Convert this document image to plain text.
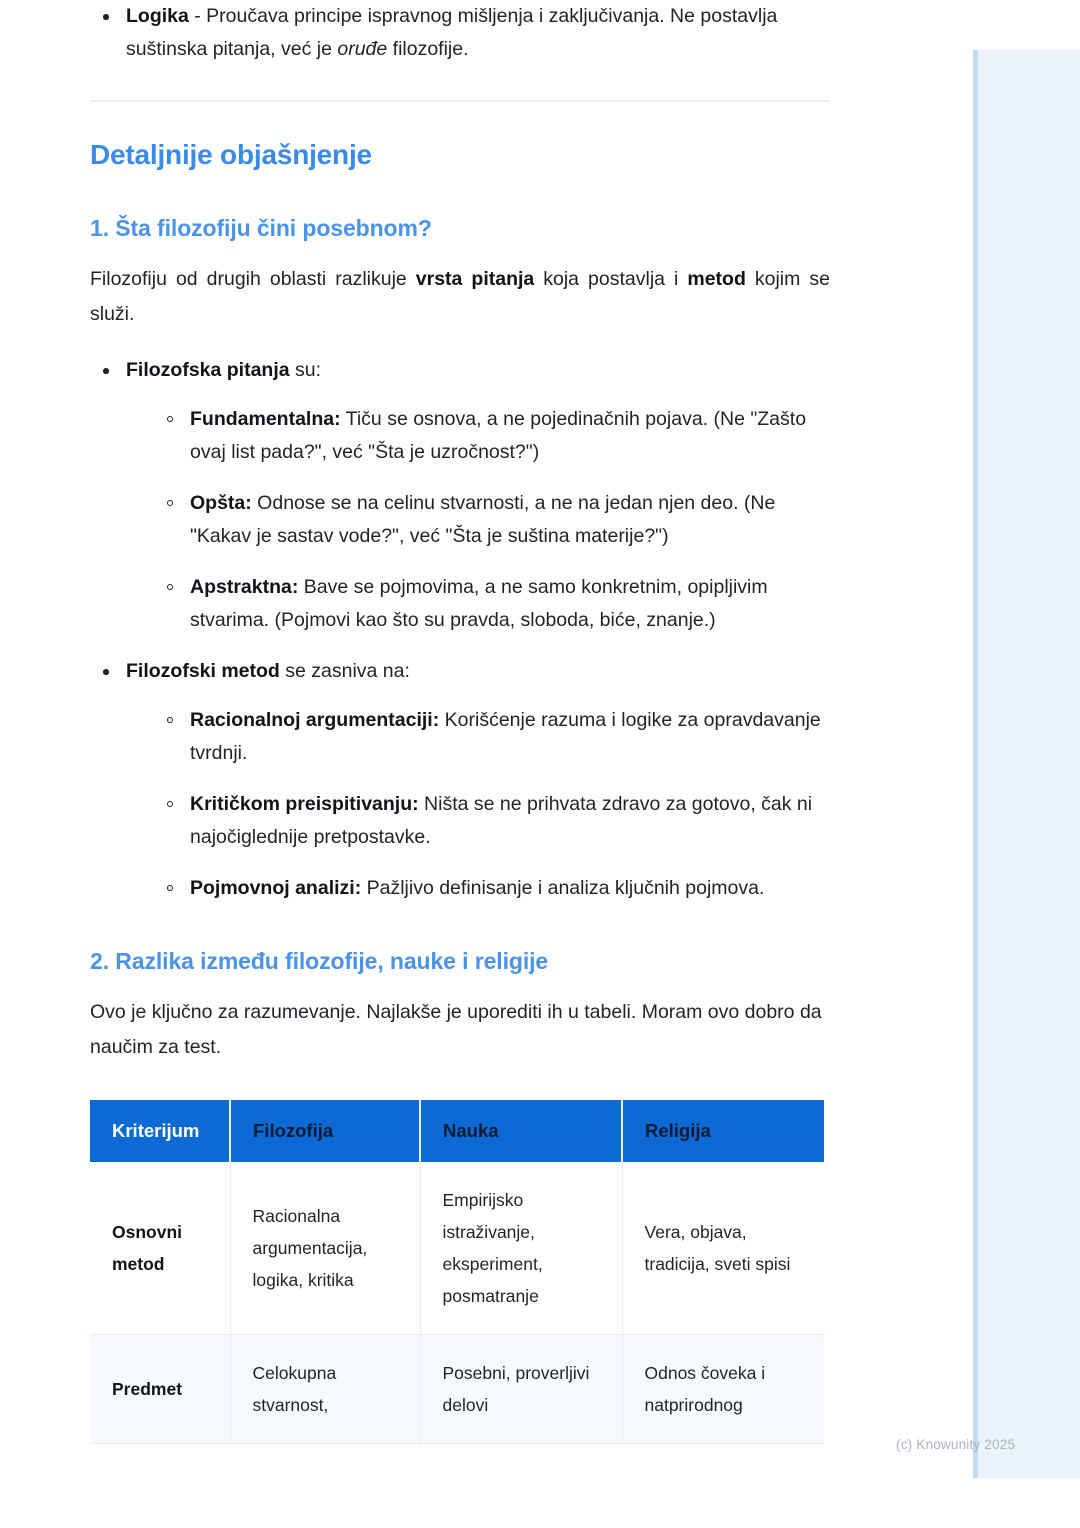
Logika - Proučava principe ispravnog mišljenja i zaključivanja. Ne postavlja suštinska pitanja, već je oruđe filozofije.
Detaljnije objašnjenje
1. Šta filozofiju čini posebnom?

Filozofiju od drugih oblasti razlikuje vrsta pitanja koja postavlja i metod kojim se služi.

Filozofska pitanja su:
Fundamentalna: Tiču se osnova, a ne pojedinačnih pojava. (Ne "Zašto ovaj list pada?", već "Šta je uzročnost?")
Opšta: Odnose se na celinu stvarnosti, a ne na jedan njen deo. (Ne "Kakav je sastav vode?", već "Šta je suština materije?")
Apstraktna: Bave se pojmovima, a ne samo konkretnim, opipljivim stvarima. (Pojmovi kao što su pravda, sloboda, biće, znanje.)
Filozofski metod se zasniva na:
Racionalnoj argumentaciji: Korišćenje razuma i logike za opravdavanje tvrdnji.
Kritičkom preispitivanju: Ništa se ne prihvata zdravo za gotovo, čak ni najočiglednije pretpostavke.
Pojmovnoj analizi: Pažljivo definisanje i analiza ključnih pojmova.
2. Razlika između filozofije, nauke i religije

Ovo je ključno za razumevanje. Najlakše je uporediti ih u tabeli. Moram ovo dobro da naučim za test.

Kriterijum	Filozofija	Nauka	Religija
Osnovni metod	Racionalna argumentacija, logika, kritika	Empirijsko istraživanje, eksperiment, posmatranje	Vera, objava, tradicija, sveti spisi
Predmet	Celokupna stvarnost,	Posebni, proverljivi delovi	Odnos čoveka i natprirodnog
(c) Knowunity 2025
